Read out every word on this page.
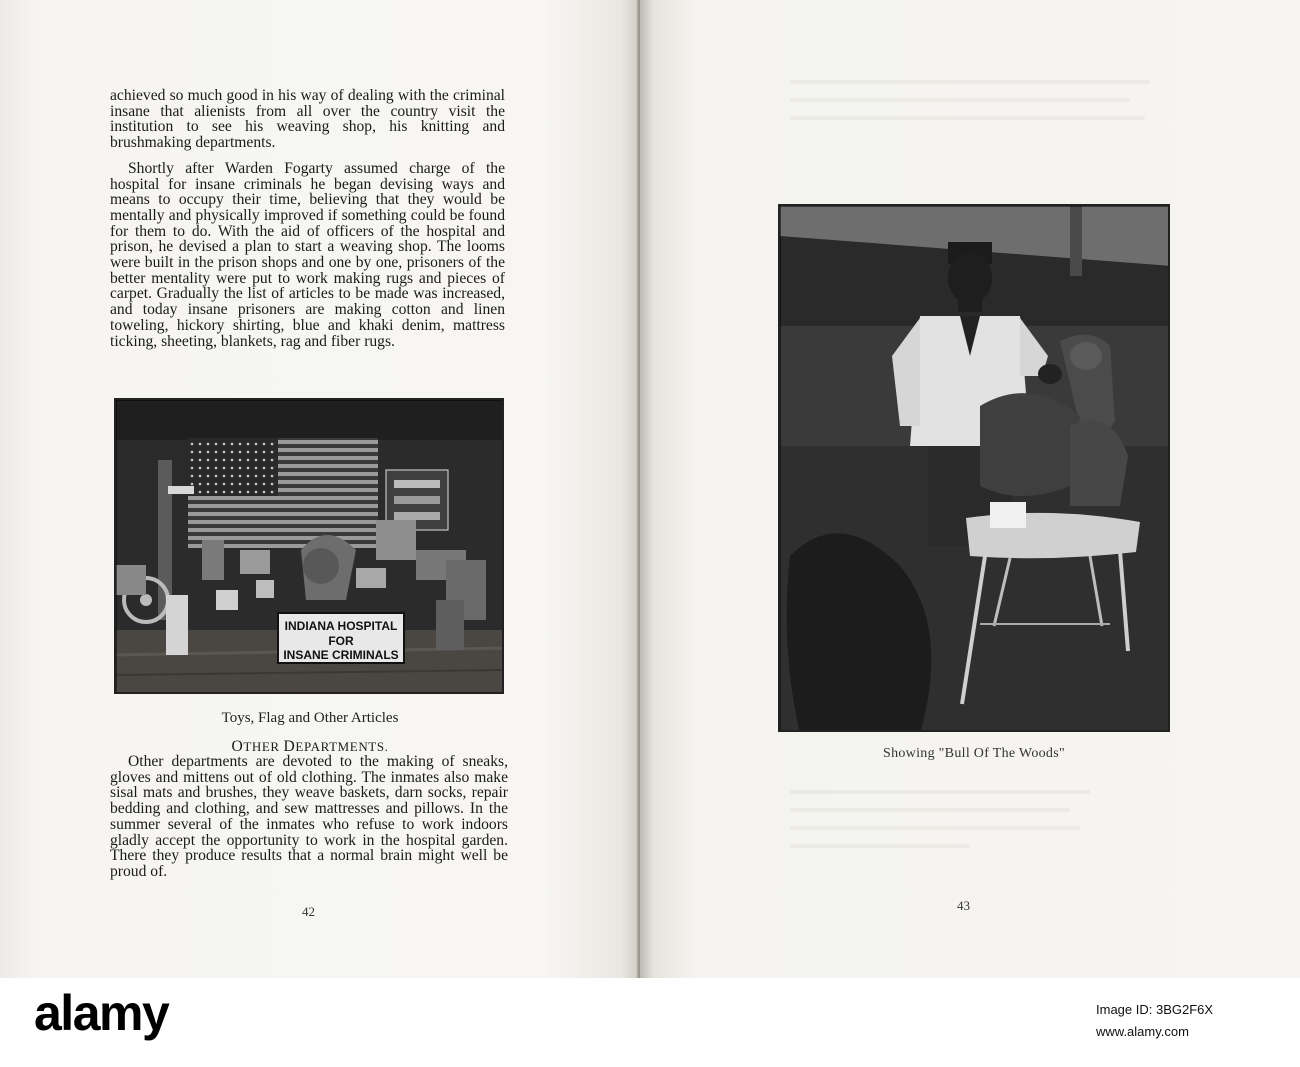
achieved so much good in his way of dealing with the criminal insane that alienists from all over the country visit the institution to see his weaving shop, his knitting and brushmaking departments.

Shortly after Warden Fogarty assumed charge of the hospital for insane criminals he began devising ways and means to occupy their time, believing that they would be mentally and physically improved if something could be found for them to do. With the aid of officers of the hospital and prison, he devised a plan to start a weaving shop. The looms were built in the prison shops and one by one, prisoners of the better mentality were put to work making rugs and pieces of carpet. Gradually the list of articles to be made was increased, and today insane prisoners are making cotton and linen toweling, hickory shirting, blue and khaki denim, mattress ticking, sheeting, blankets, rag and fiber rugs.

INDIANA HOSPITAL
FOR
INSANE CRIMINALS
Toys, Flag and Other Articles
OTHER DEPARTMENTS.

Other departments are devoted to the making of sneaks, gloves and mittens out of old clothing. The inmates also make sisal mats and brushes, they weave baskets, darn socks, repair bedding and clothing, and sew mattresses and pillows. In the summer several of the inmates who refuse to work indoors gladly accept the opportunity to work in the hospital garden. There they produce results that a normal brain might well be proud of.

42
Showing "Bull Of The Woods"
43
alamy	Image ID: 3BG2F6X
www.alamy.com
